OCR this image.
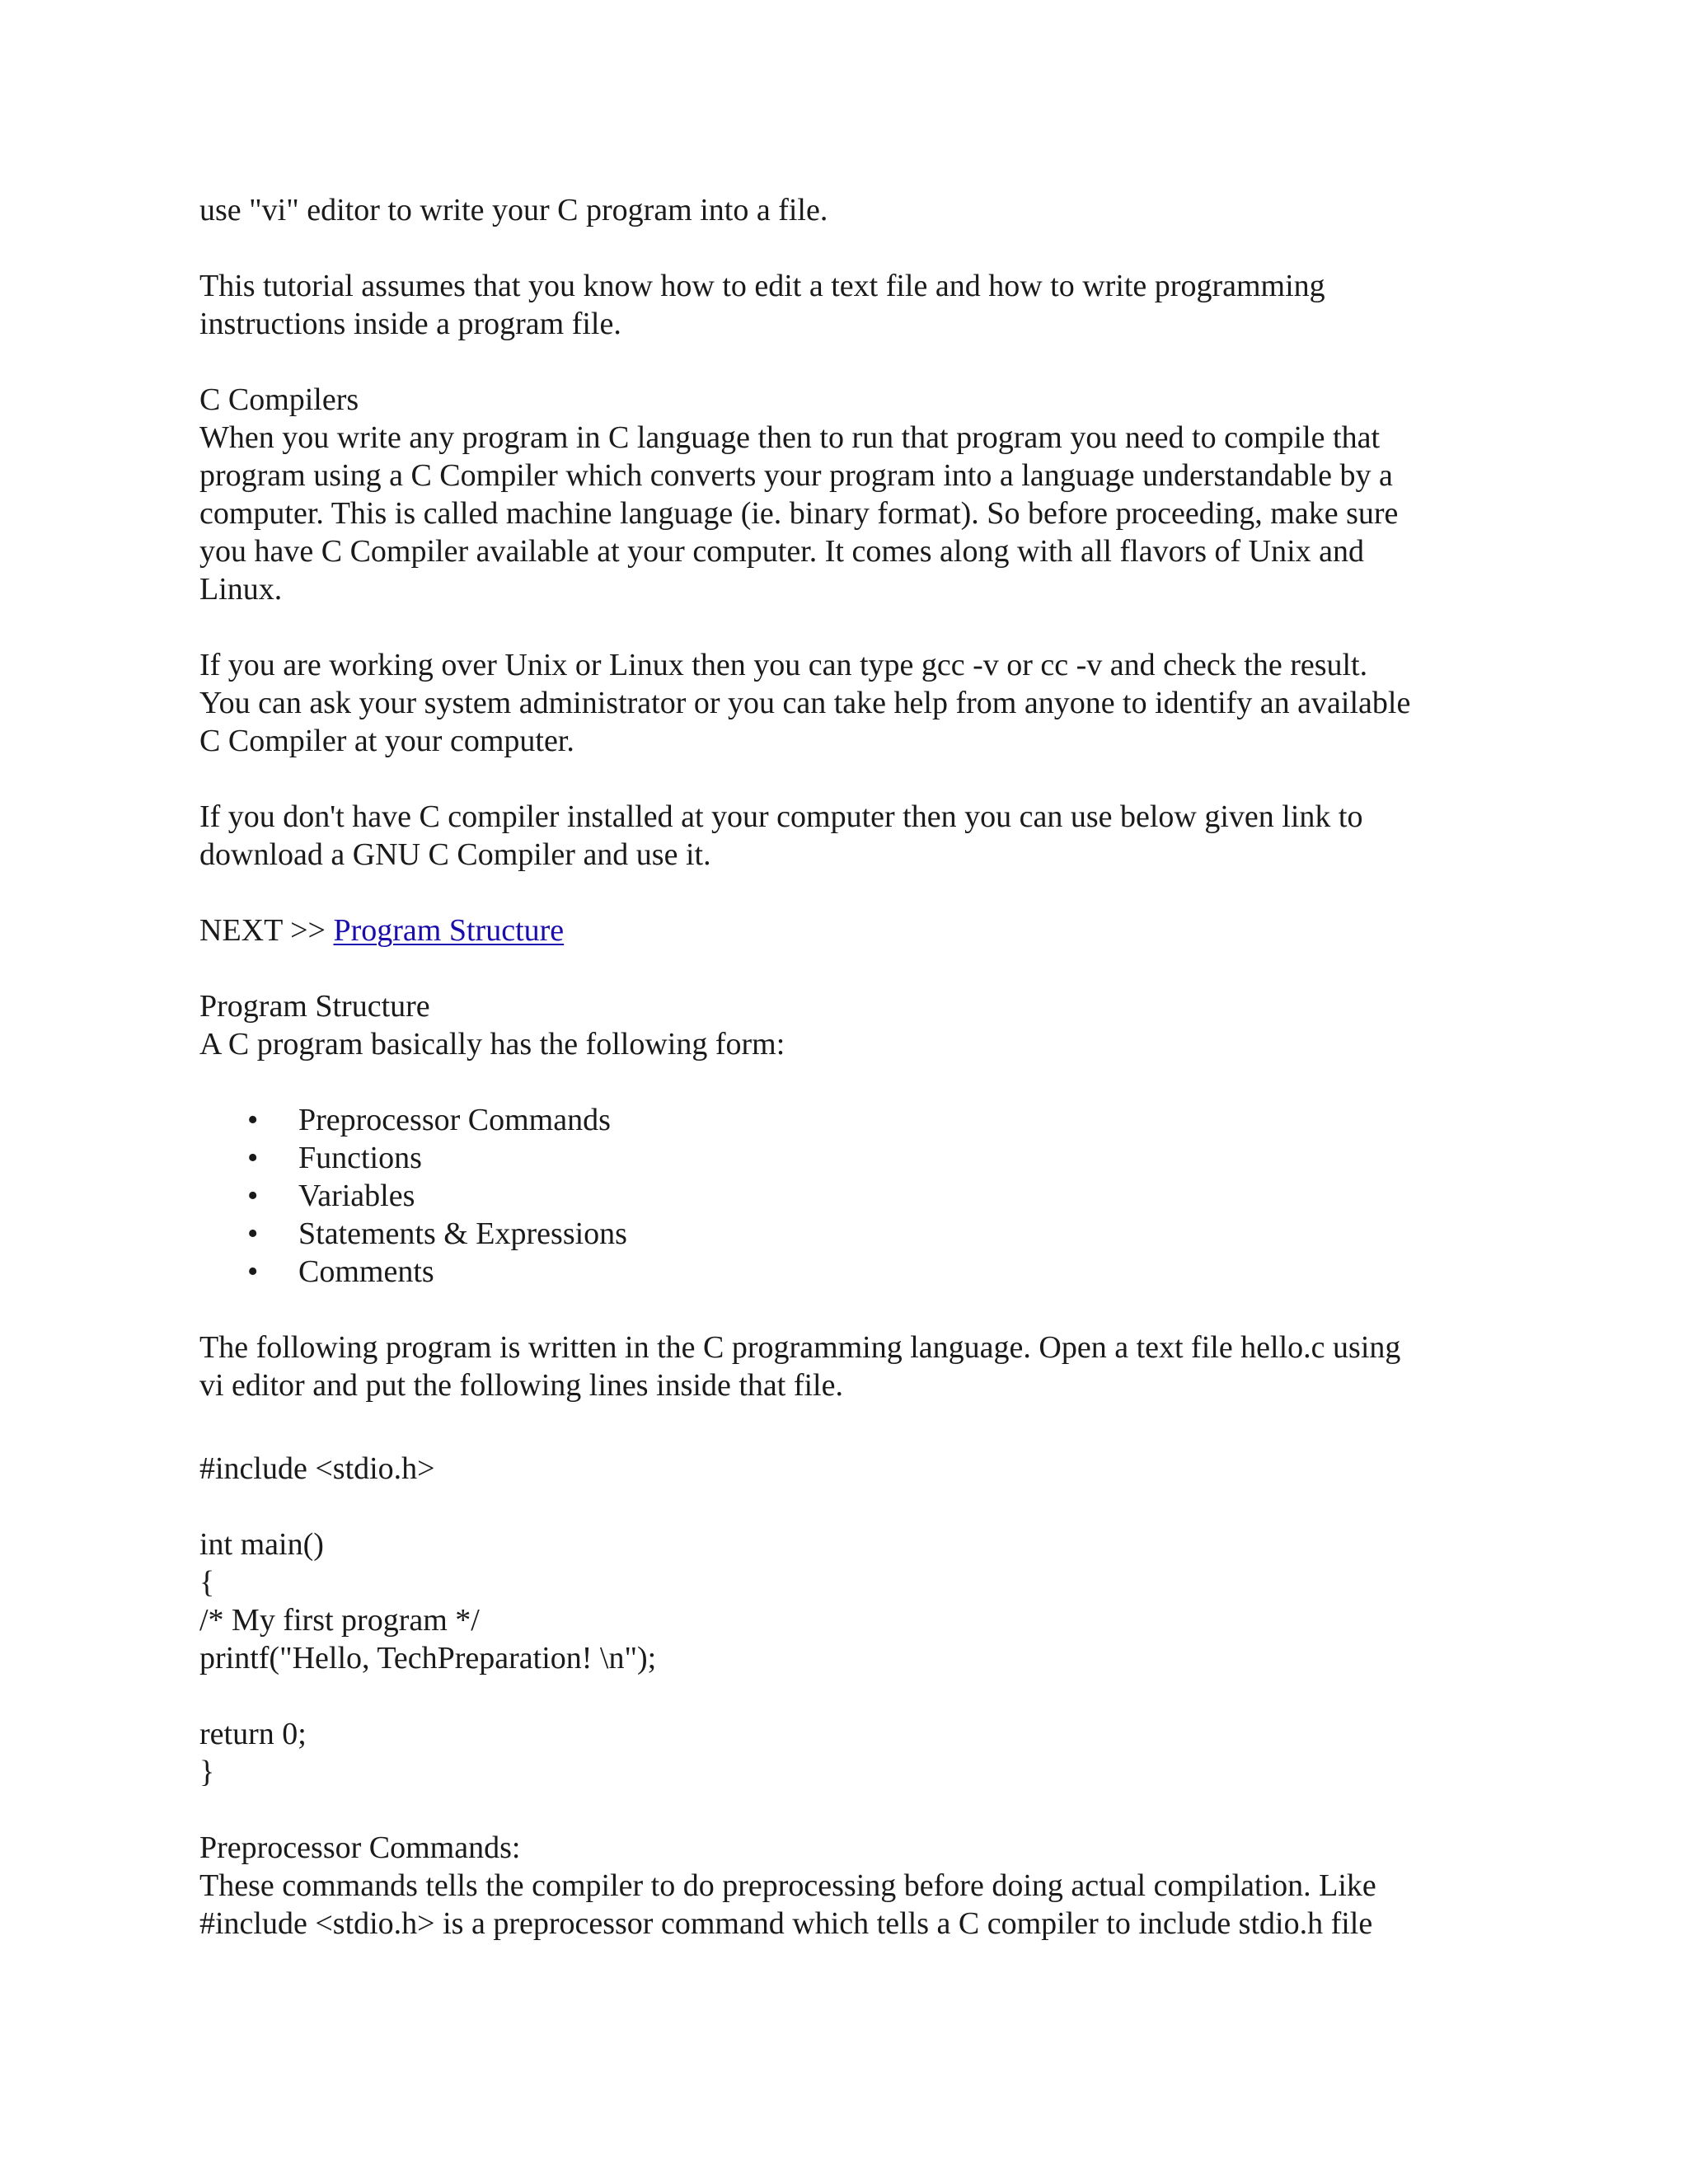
use "vi" editor to write your C program into a file.

This tutorial assumes that you know how to edit a text file and how to write programming
instructions inside a program file.

C Compilers
When you write any program in C language then to run that program you need to compile that
program using a C Compiler which converts your program into a language understandable by a
computer. This is called machine language (ie. binary format). So before proceeding, make sure
you have C Compiler available at your computer. It comes along with all flavors of Unix and
Linux.

If you are working over Unix or Linux then you can type gcc -v or cc -v and check the result.
You can ask your system administrator or you can take help from anyone to identify an available
C Compiler at your computer.

If you don't have C compiler installed at your computer then you can use below given link to
download a GNU C Compiler and use it.

NEXT >> Program Structure

Program Structure
A C program basically has the following form:

• Preprocessor Commands
• Functions
• Variables
• Statements & Expressions
• Comments

The following program is written in the C programming language. Open a text file hello.c using
vi editor and put the following lines inside that file.

#include <stdio.h>
int main()
{
/* My first program */
printf("Hello, TechPreparation! \n");
return 0;
}

Preprocessor Commands:
These commands tells the compiler to do preprocessing before doing actual compilation. Like
#include <stdio.h> is a preprocessor command which tells a C compiler to include stdio.h file
